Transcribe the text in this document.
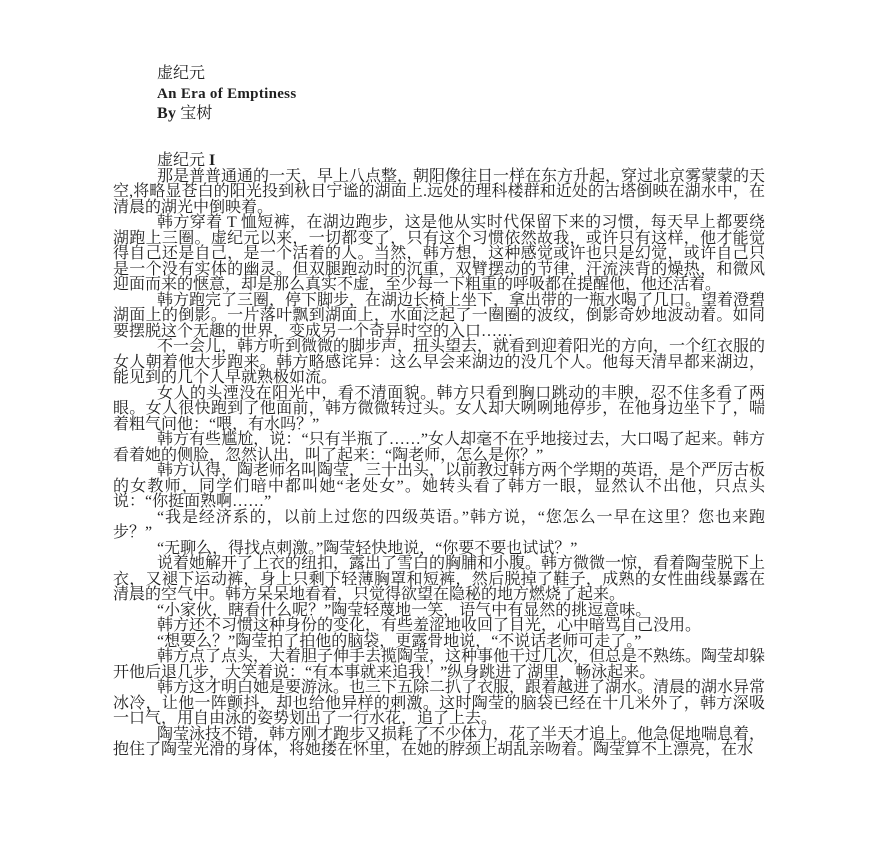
虚纪元
An Era of Emptiness
By 宝树
虚纪元 I

那是普普通通的一天，早上八点整，朝阳像往日一样在东方升起，穿过北京雾蒙蒙的天空,将略显苍白的阳光投到秋日宁谧的湖面上.远处的理科楼群和近处的古塔倒映在湖水中，在清晨的湖光中倒映着。

韩方穿着 T 恤短裤，在湖边跑步，这是他从实时代保留下来的习惯，每天早上都要绕湖跑上三圈。虚纪元以来，一切都变了，只有这个习惯依然故我，或许只有这样，他才能觉得自己还是自己，是一个活着的人。当然，韩方想，这种感觉或许也只是幻觉，或许自己只是一个没有实体的幽灵。但双腿跑动时的沉重，双臂摆动的节律，汗流浃背的燥热，和微风迎面而来的惬意，却是那么真实不虚，至少每一下粗重的呼吸都在提醒他，他还活着。

韩方跑完了三圈，停下脚步，在湖边长椅上坐下，拿出带的一瓶水喝了几口。望着澄碧湖面上的倒影。一片落叶飘到湖面上，水面泛起了一圈圈的波纹，倒影奇妙地波动着。如同要摆脱这个无趣的世界，变成另一个奇异时空的入口……

不一会儿，韩方听到微微的脚步声，扭头望去，就看到迎着阳光的方向，一个红衣服的女人朝着他大步跑来。韩方略感诧异：这么早会来湖边的没几个人。他每天清早都来湖边，能见到的几个人早就熟极如流。

女人的头湮没在阳光中，看不清面貌。韩方只看到胸口跳动的丰腴，忍不住多看了两眼。女人很快跑到了他面前，韩方微微转过头。女人却大咧咧地停步，在他身边坐下了，喘着粗气问他：“喂，有水吗？”

韩方有些尴尬，说：“只有半瓶了……”女人却毫不在乎地接过去，大口喝了起来。韩方看着她的侧脸，忽然认出，叫了起来：“陶老师，怎么是你？”

韩方认得，陶老师名叫陶莹，三十出头，以前教过韩方两个学期的英语，是个严厉古板的女教师，同学们暗中都叫她“老处女”。她转头看了韩方一眼，显然认不出他，只点头说：“你挺面熟啊……”

“我是经济系的，以前上过您的四级英语。”韩方说，“您怎么一早在这里？您也来跑步？”

“无聊么，得找点刺激。”陶莹轻快地说，“你要不要也试试？”

说着她解开了上衣的纽扣，露出了雪白的胸脯和小腹。韩方微微一惊，看着陶莹脱下上衣，又褪下运动裤，身上只剩下轻薄胸罩和短裤，然后脱掉了鞋子，成熟的女性曲线暴露在清晨的空气中。韩方呆呆地看着，只觉得欲望在隐秘的地方燃烧了起来。

“小家伙，瞎看什么呢？”陶莹轻蔑地一笑，语气中有显然的挑逗意味。

韩方还不习惯这种身份的变化，有些羞涩地收回了目光，心中暗骂自己没用。

“想要么？”陶莹拍了拍他的脑袋，更露骨地说，“不说话老师可走了。”

韩方点了点头，大着胆子伸手去揽陶莹，这种事他干过几次，但总是不熟练。陶莹却躲开他后退几步，大笑着说：“有本事就来追我！”纵身跳进了湖里，畅泳起来。

韩方这才明白她是要游泳。也三下五除二扒了衣服，跟着越进了湖水。清晨的湖水异常冰冷，让他一阵颤抖，却也给他异样的刺激。这时陶莹的脑袋已经在十几米外了，韩方深吸一口气，用自由泳的姿势划出了一行水花，追了上去。

陶莹泳技不错，韩方刚才跑步又损耗了不少体力，花了半天才追上。他急促地喘息着，抱住了陶莹光滑的身体，将她搂在怀里，在她的脖颈上胡乱亲吻着。陶莹算不上漂亮，在水
